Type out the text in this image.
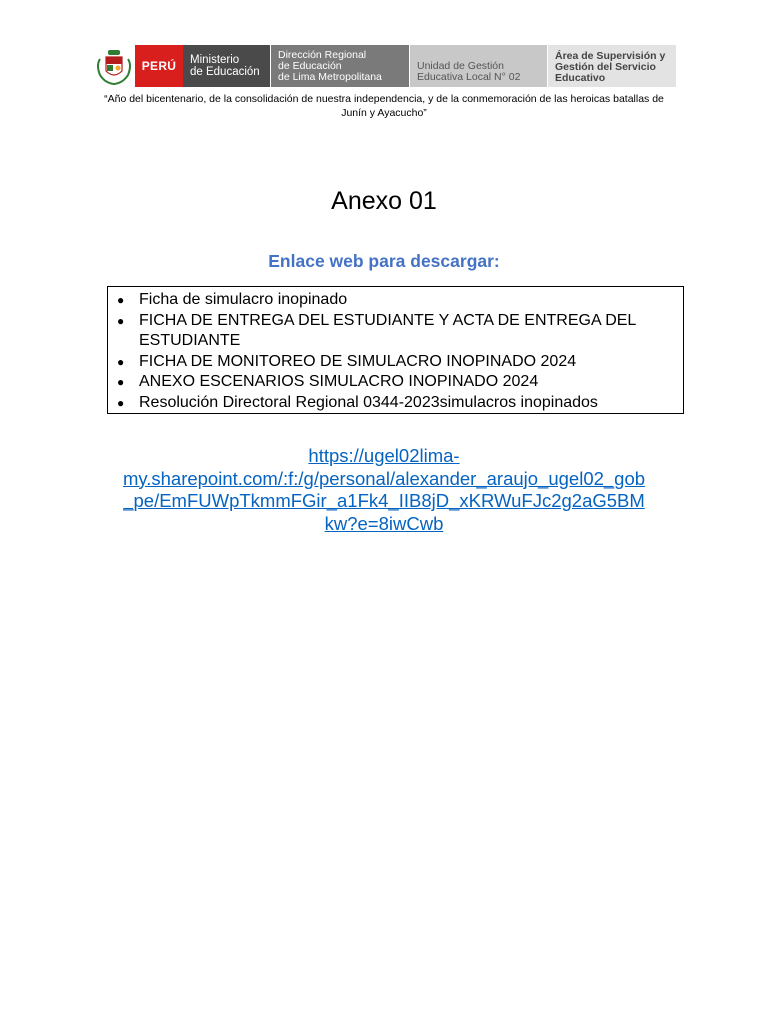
PERÚ Ministerio
de Educación
Dirección Regional
de Educación
de Lima Metropolitana
Unidad de Gestión
Educativa Local N° 02
Área de Supervisión y
Gestión del Servicio
Educativo
“Año del bicentenario, de la consolidación de nuestra independencia, y de la conmemoración de las heroicas batallas de Junín y Ayacucho”
Anexo 01
Enlace web para descargar:
● Ficha de simulacro inopinado
● FICHA DE ENTREGA DEL ESTUDIANTE Y ACTA DE ENTREGA DEL ESTUDIANTE
● FICHA DE MONITOREO DE SIMULACRO INOPINADO 2024
● ANEXO ESCENARIOS SIMULACRO INOPINADO 2024
● Resolución Directoral Regional 0344-2023simulacros inopinados
https://ugel02lima-
my.sharepoint.com/:f:/g/personal/alexander_araujo_ugel02_gob
_pe/EmFUWpTkmmFGir_a1Fk4_IIB8jD_xKRWuFJc2g2aG5BM
kw?e=8iwCwb
